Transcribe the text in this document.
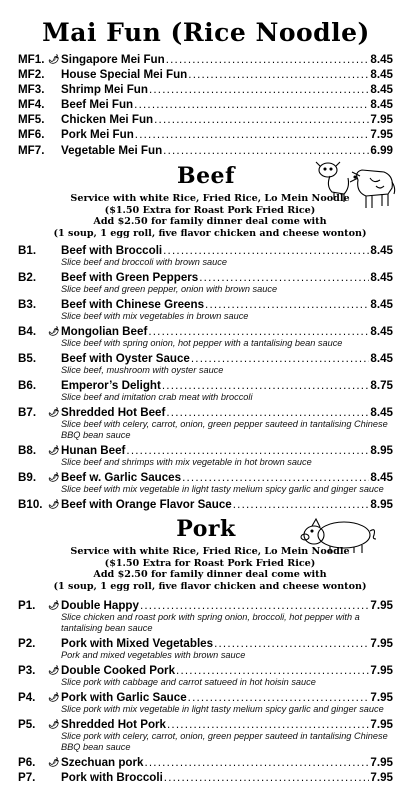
Mai Fun (Rice Noodle)
MF1. 🌶 Singapore Mei Fun .....	8.45
MF2.	House Special Mei Fun .....	8.45
MF3.	Shrimp Mei Fun .....	8.45
MF4.	Beef Mei Fun .....	8.45
MF5.	Chicken Mei Fun .....	7.95
MF6.	Pork Mei Fun .....	7.95
MF7.	Vegetable Mei Fun .....	6.99
Beef
Service with white Rice, Fried Rice, Lo Mein Noodle
($1.50 Extra for Roast Pork Fried Rice)
Add $2.50 for family dinner deal come with
(1 soup, 1 egg roll, five flavor chicken and cheese wonton)
B1.	Beef with Broccoli .....	8.45
Slice beef and broccoli with brown sauce
B2.	Beef with Green Peppers .....	8.45
Slice beef and green pepper, onion with brown sauce
B3.	Beef with Chinese Greens .....	8.45
Slice beef with mix vegetables in brown sauce
B4.	🌶 Mongolian Beef .....	8.45
Slice beef with spring onion, hot pepper with a tantalising bean sauce
B5.	Beef with Oyster Sauce .....	8.45
Slice beef, mushroom with oyster sauce
B6.	Emperor’s Delight .....	8.75
Slice beef and imitation crab meat with broccoli
B7.	🌶 Shredded Hot Beef .....	8.45
Slice beef with celery, carrot, onion, green pepper sauteed in tantalising Chinese BBQ bean sauce
B8.	🌶 Hunan Beef .....	8.95
Slice beef and shrimps with mix vegetable in hot brown sauce
B9.	🌶 Beef w. Garlic Sauces .....	8.45
Slice beef with mix vegetable in light tasty melium spicy garlic and ginger sauce
B10. 🌶 Beef with Orange Flavor Sauce .....	8.95
Pork
Service with white Rice, Fried Rice, Lo Mein Noodle
($1.50 Extra for Roast Pork Fried Rice)
Add $2.50 for family dinner deal come with
(1 soup, 1 egg roll, five flavor chicken and cheese wonton)
P1.	🌶 Double Happy .....	7.95
Slice chicken and roast pork with spring onion, broccoli, hot pepper with a tantalising bean sauce
P2.	Pork with Mixed Vegetables .....	7.95
Pork and mixed vegetables with brown sauce
P3.	🌶 Double Cooked Pork .....	7.95
Slice pork with cabbage and carrot satueed in hot hoisin sauce
P4.	🌶 Pork with Garlic Sauce .....	7.95
Slice pork with mix vegetable in light tasty melium spicy garlic and ginger sauce
P5.	🌶 Shredded Hot Pork .....	7.95
Slice pork with celery, carrot, onion, green pepper sauteed in tantalising Chinese BBQ bean sauce
P6.	🌶 Szechuan pork .....	7.95
P7.	Pork with Broccoli .....	7.95
